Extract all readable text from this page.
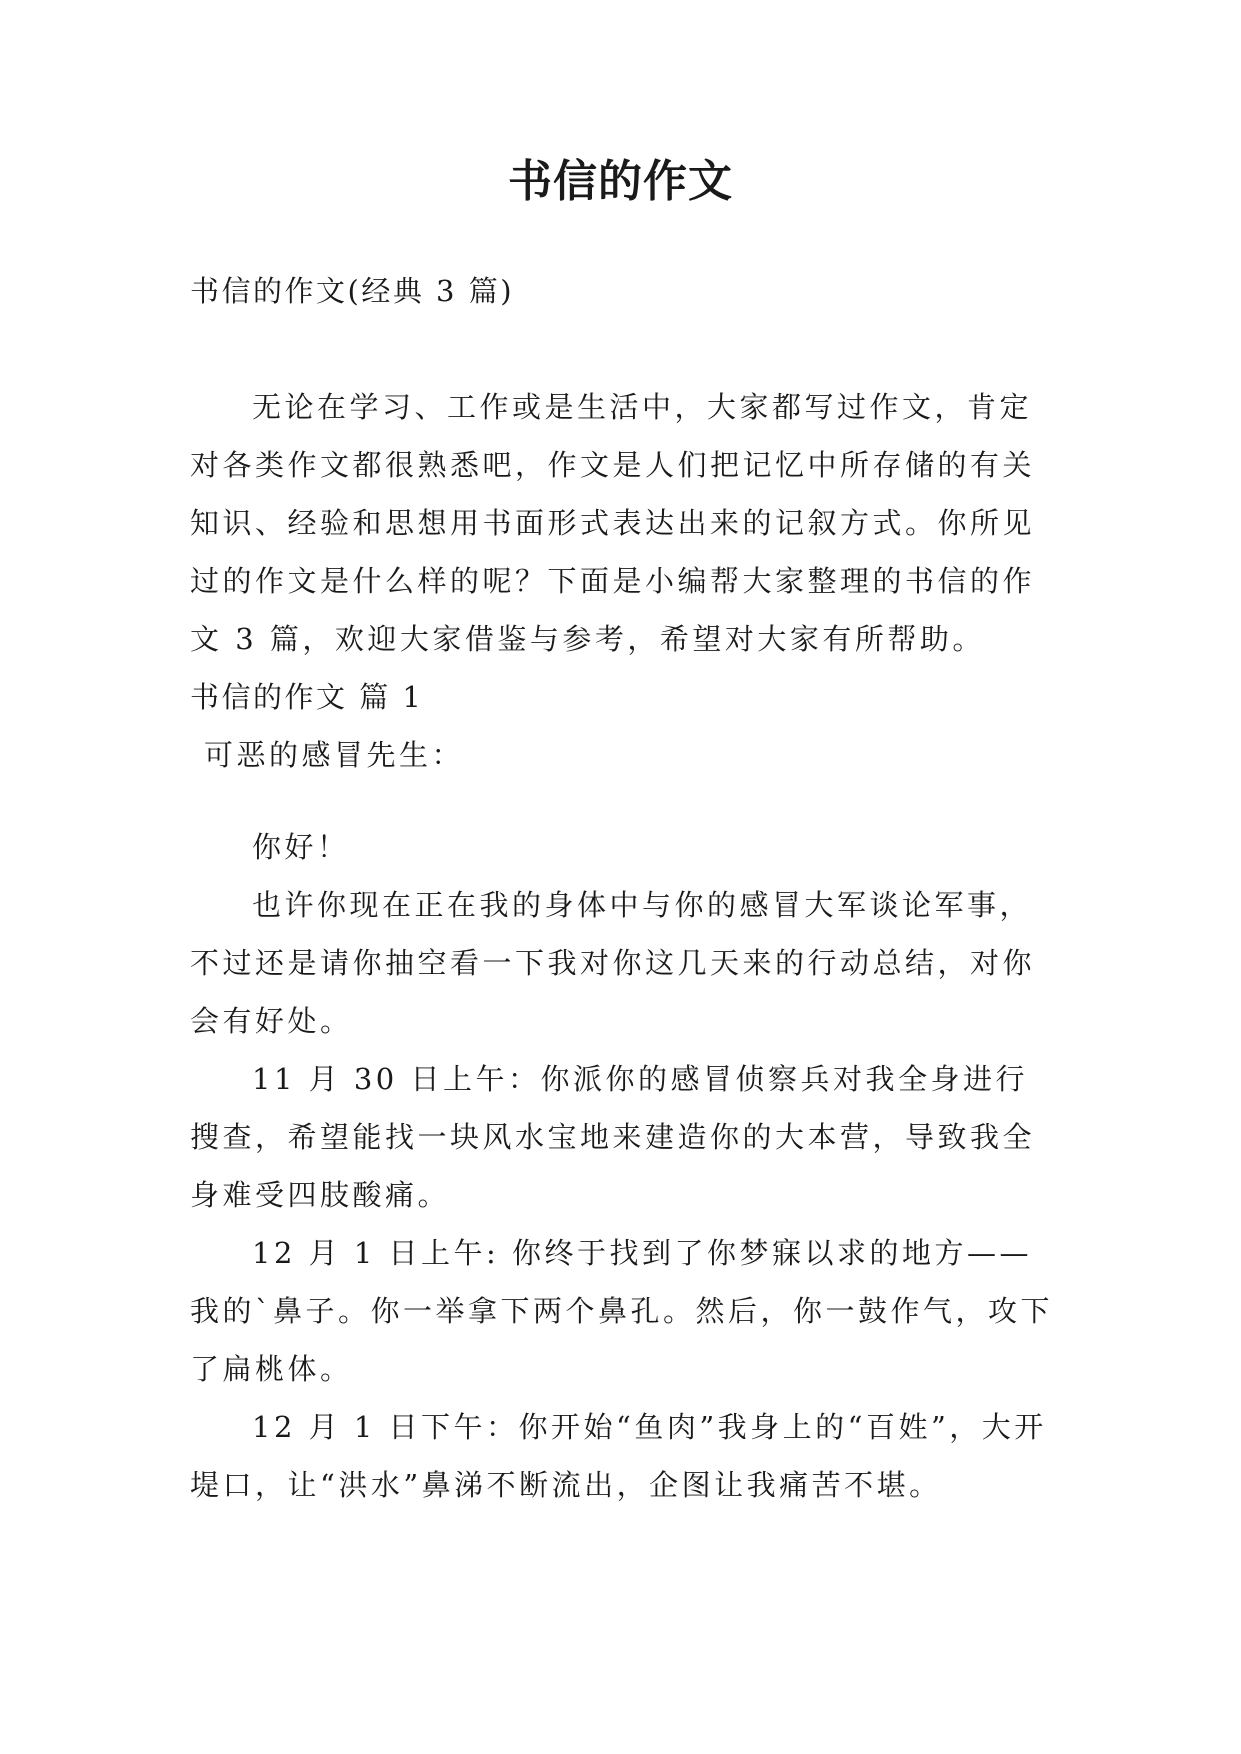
书信的作文

书信的作文(经典 3 篇)

无论在学习、工作或是生活中，大家都写过作文，肯定对各类作文都很熟悉吧，作文是人们把记忆中所存储的有关知识、经验和思想用书面形式表达出来的记叙方式。你所见过的作文是什么样的呢？下面是小编帮大家整理的书信的作文 3 篇，欢迎大家借鉴与参考，希望对大家有所帮助。

书信的作文 篇 1

可恶的感冒先生：

你好！

也许你现在正在我的身体中与你的感冒大军谈论军事，不过还是请你抽空看一下我对你这几天来的行动总结，对你会有好处。

11 月 30 日上午：你派你的感冒侦察兵对我全身进行搜查，希望能找一块风水宝地来建造你的大本营，导致我全身难受四肢酸痛。

12 月 1 日上午: 你终于找到了你梦寐以求的地方——我的`鼻子。你一举拿下两个鼻孔。然后，你一鼓作气，攻下了扁桃体。

12 月 1 日下午：你开始“鱼肉”我身上的“百姓”，大开堤口，让“洪水”鼻涕不断流出，企图让我痛苦不堪。
